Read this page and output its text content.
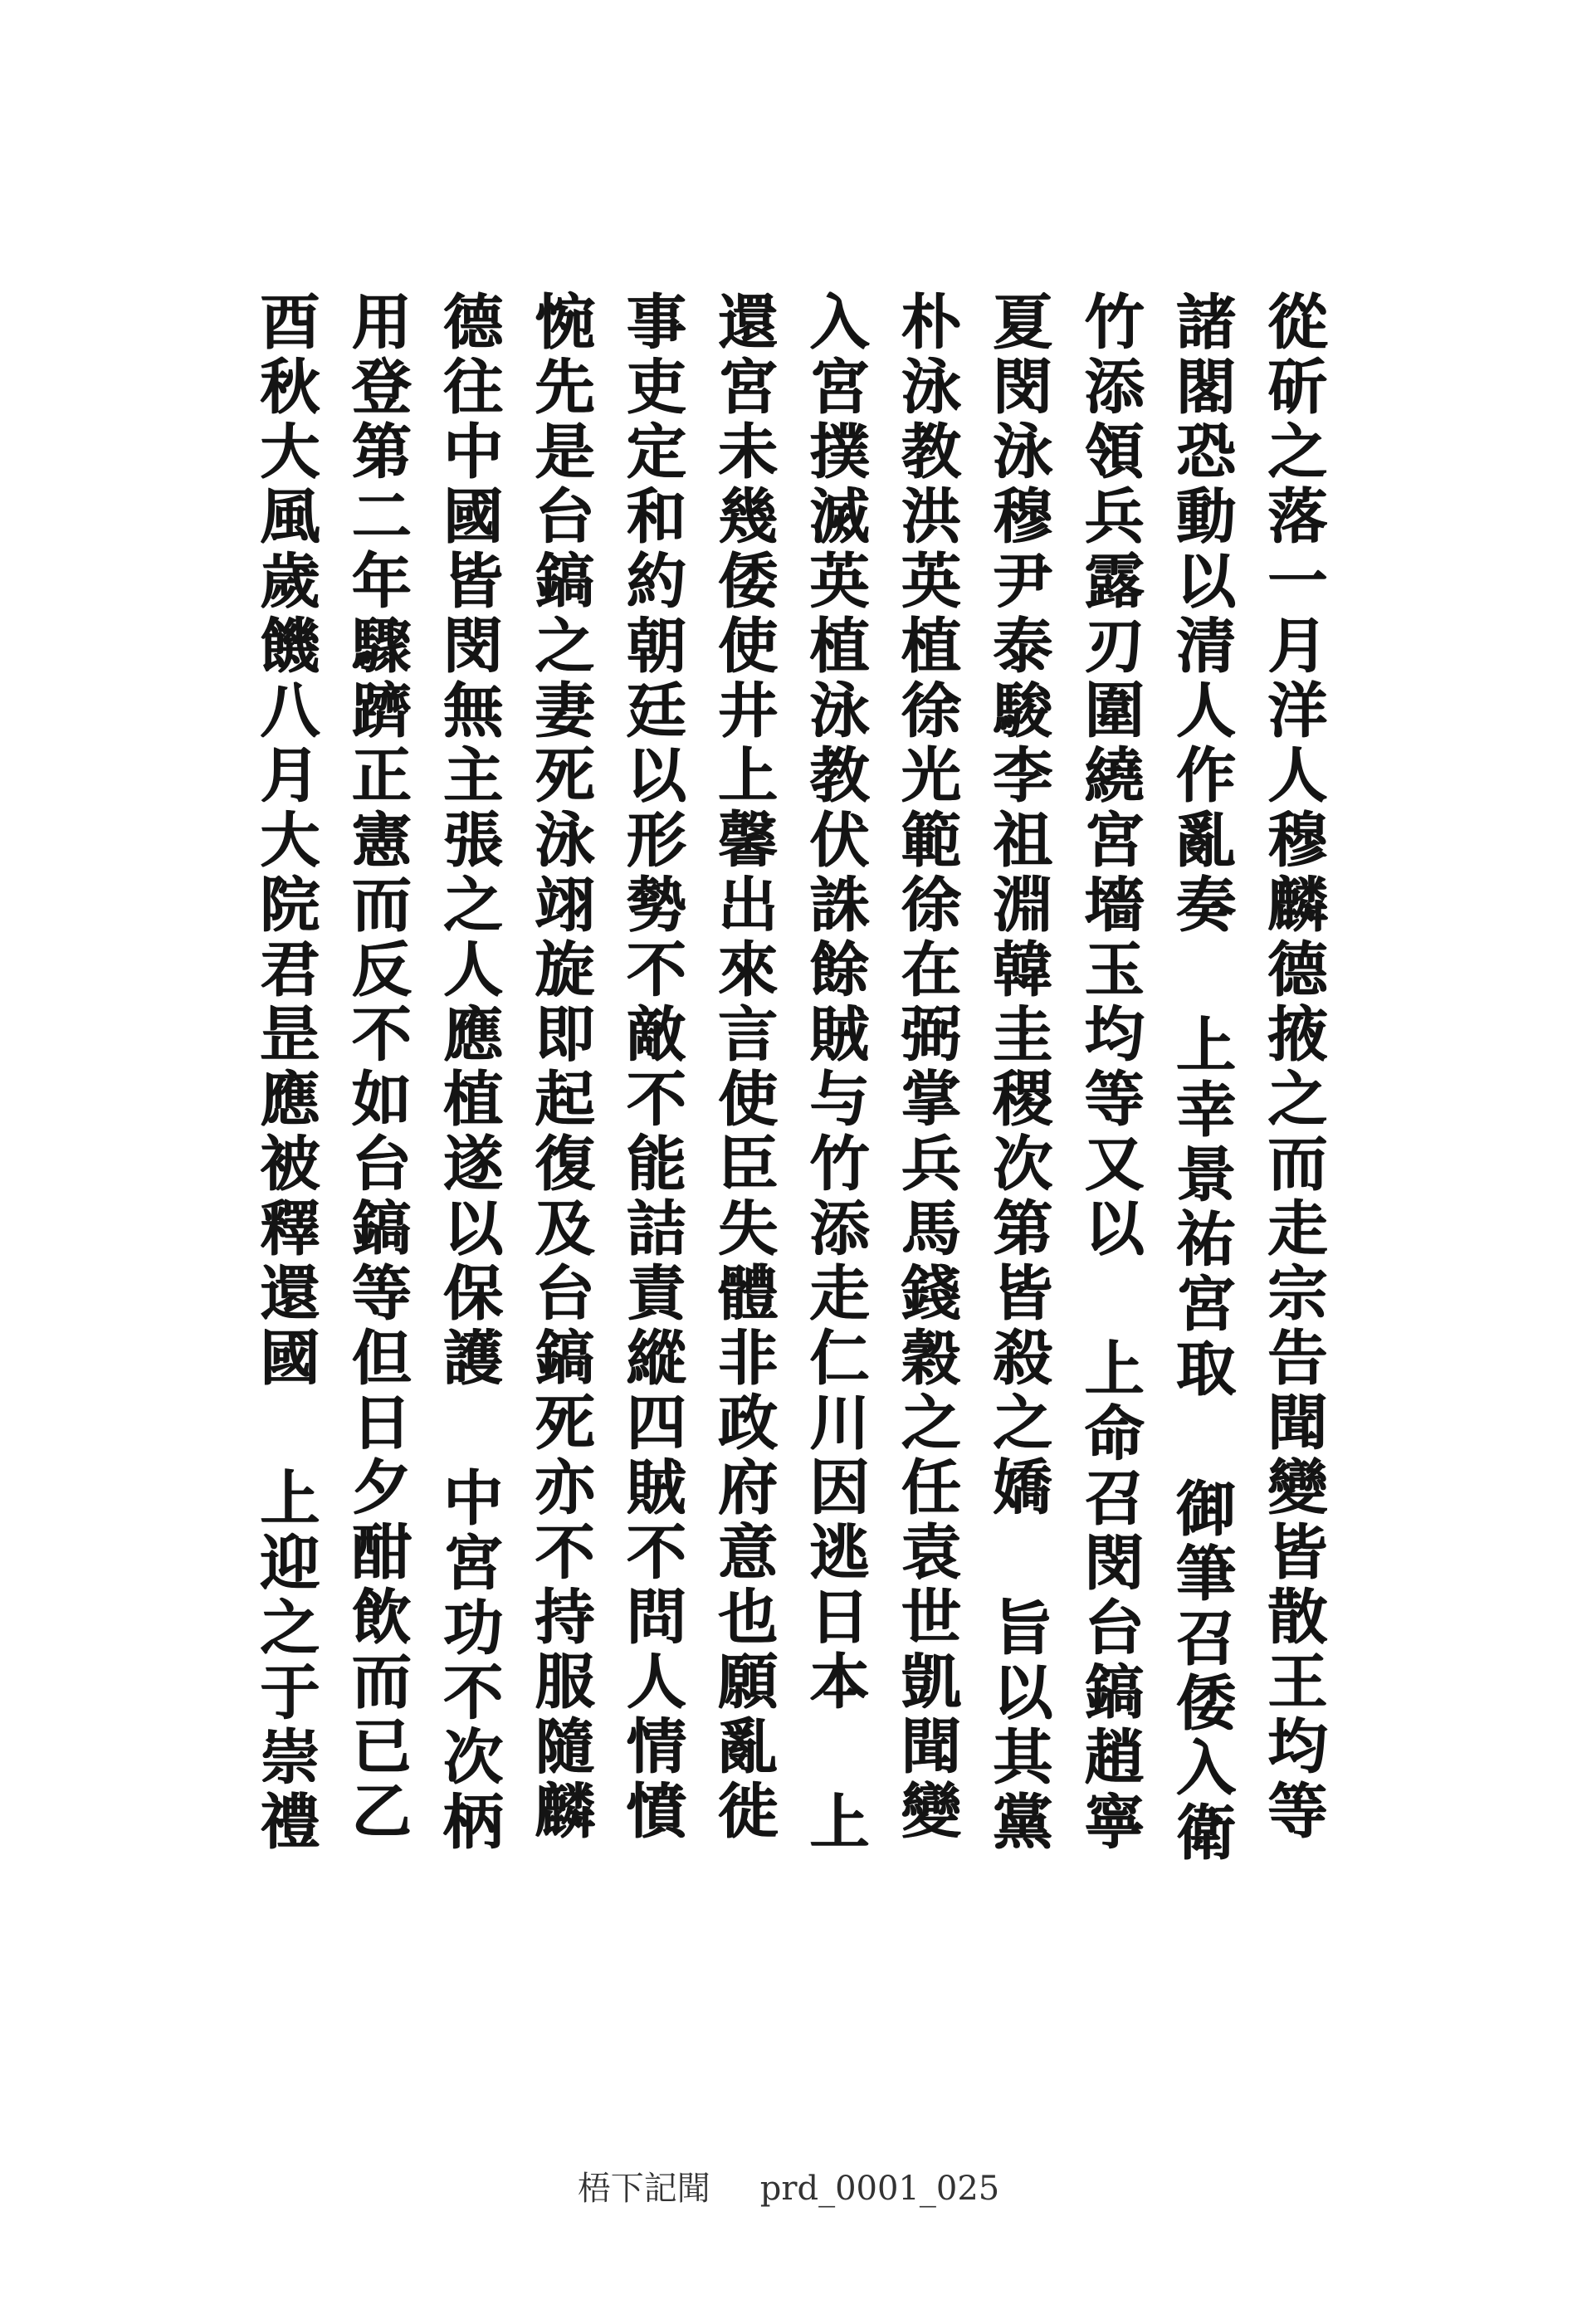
從斫之落一月洋人穆麟德掖之而走宗告聞變皆散王均等
諸閣恐動以清人作亂奏 上幸景祐宮取 御筆召倭入衛
竹添領兵露刃圍繞宮墻玉均等又以 上命召閔台鎬趙寧
夏閔泳穆尹泰駿李祖淵韓圭稷次第皆殺之嬌 旨以其黨
朴泳教洪英植徐光範徐在弼掌兵馬錢穀之任袁世凱聞變
入宮撲滅英植泳教伏誅餘賊与竹添走仁川因逃日本 上
還宮未幾倭使井上馨出來言使臣失體非政府意也願亂徙
事吏定和約朝廷以形勢不敵不能詰責縱四賊不問人情憤
惋先是台鎬之妻死泳翊旋即起復及台鎬死亦不持服隨麟
德往中國皆閔無主張之人應植遂以保護 中宮功不次柄
用登第二年驟躋正憲而反不如台鎬等但日夕酣飲而已乙
酉秋大風歲饑八月大院君昰應被釋還國 上迎之于崇禮
梧下記聞 prd_0001_025
